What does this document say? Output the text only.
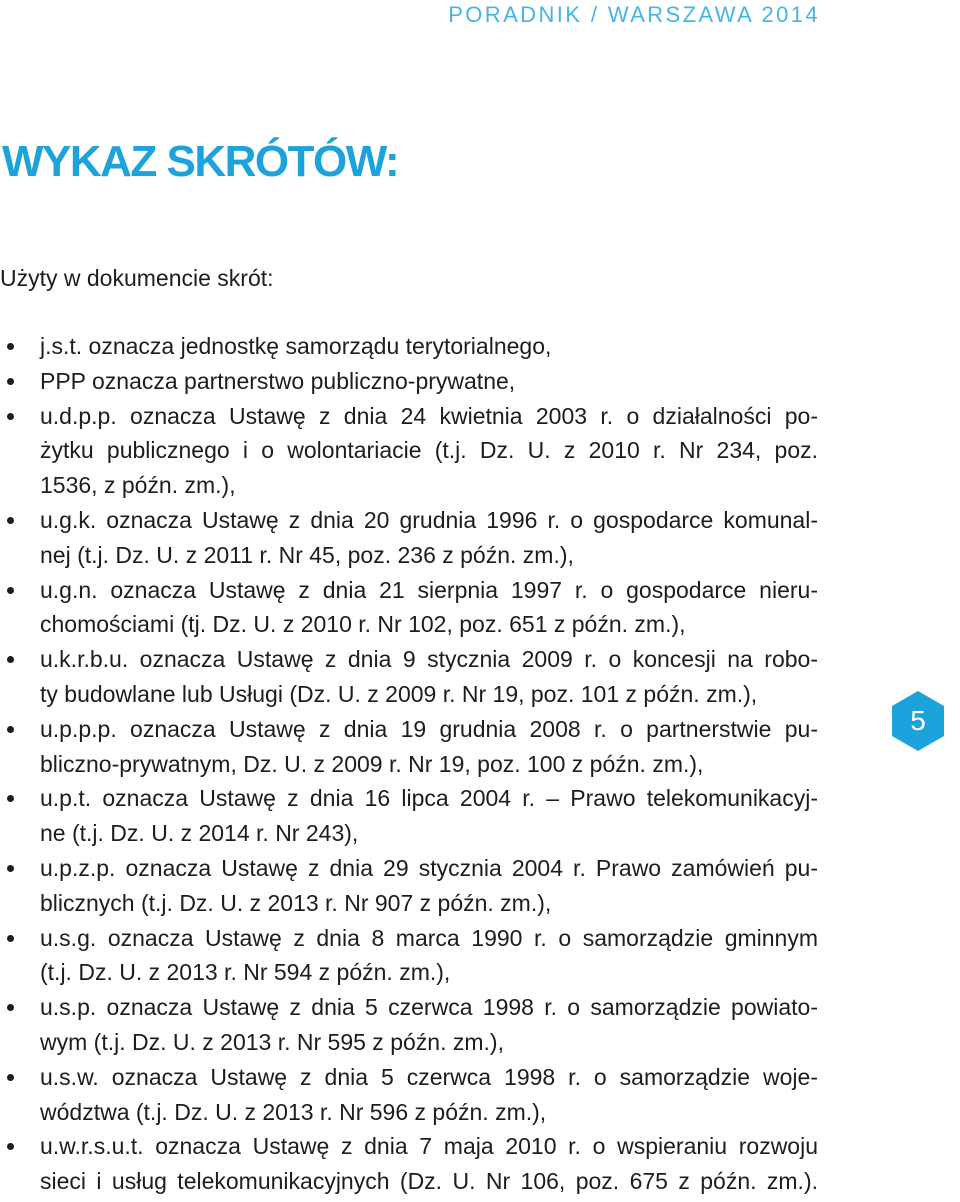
PORADNIK / WARSZAWA 2014
WYKAZ SKRÓTÓW:

Użyty w dokumencie skrót:

j.s.t. oznacza jednostkę samorządu terytorialnego,
PPP oznacza partnerstwo publiczno-prywatne,
u.d.p.p. oznacza Ustawę z dnia 24 kwietnia 2003 r. o działalności po-
żytku publicznego i o wolontariacie (t.j. Dz. U. z 2010 r. Nr 234, poz.
1536, z późn. zm.),
u.g.k. oznacza Ustawę z dnia 20 grudnia 1996 r. o gospodarce komunal-
nej (t.j. Dz. U. z 2011 r. Nr 45, poz. 236 z późn. zm.),
u.g.n. oznacza Ustawę z dnia 21 sierpnia 1997 r. o gospodarce nieru-
chomościami (tj. Dz. U. z 2010 r. Nr 102, poz. 651 z późn. zm.),
u.k.r.b.u. oznacza Ustawę z dnia 9 stycznia 2009 r. o koncesji na robo-
ty budowlane lub Usługi (Dz. U. z 2009 r. Nr 19, poz. 101 z późn. zm.),
u.p.p.p. oznacza Ustawę z dnia 19 grudnia 2008 r. o partnerstwie pu-
bliczno-prywatnym, Dz. U. z 2009 r. Nr 19, poz. 100 z późn. zm.),
u.p.t. oznacza Ustawę z dnia 16 lipca 2004 r. – Prawo telekomunikacyj-
ne (t.j. Dz. U. z 2014 r. Nr 243),
u.p.z.p. oznacza Ustawę z dnia 29 stycznia 2004 r. Prawo zamówień pu-
blicznych (t.j. Dz. U. z 2013 r. Nr 907 z późn. zm.),
u.s.g. oznacza Ustawę z dnia 8 marca 1990 r. o samorządzie gminnym
(t.j. Dz. U. z 2013 r. Nr 594 z późn. zm.),
u.s.p. oznacza Ustawę z dnia 5 czerwca 1998 r. o samorządzie powiato-
wym (t.j. Dz. U. z 2013 r. Nr 595 z późn. zm.),
u.s.w. oznacza Ustawę z dnia 5 czerwca 1998 r. o samorządzie woje-
wództwa (t.j. Dz. U. z 2013 r. Nr 596 z późn. zm.),
u.w.r.s.u.t. oznacza Ustawę z dnia 7 maja 2010 r. o wspieraniu rozwoju
sieci i usług telekomunikacyjnych (Dz. U. Nr 106, poz. 675 z późn. zm.).
5
